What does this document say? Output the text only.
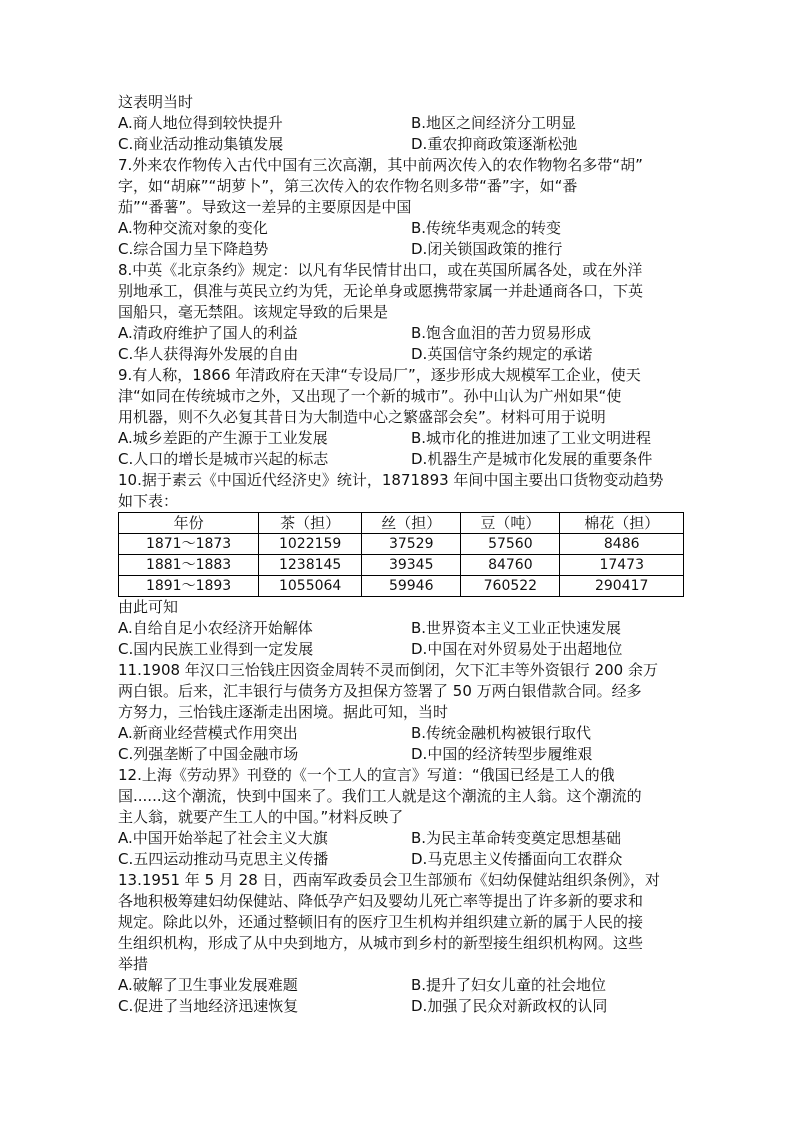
这表明当时
A.商人地位得到较快提升	B.地区之间经济分工明显
C.商业活动推动集镇发展	D.重农抑商政策逐渐松弛
7.外来农作物传入古代中国有三次高潮，其中前两次传入的农作物物名多带“胡”
字，如“胡麻”“胡萝卜”，第三次传入的农作物名则多带“番”字，如“番
茄”“番薯”。导致这一差异的主要原因是中国
A.物种交流对象的变化	B.传统华夷观念的转变
C.综合国力呈下降趋势	D.闭关锁国政策的推行
8.中英《北京条约》规定：以凡有华民情甘出口，或在英国所属各处，或在外洋
别地承工，俱准与英民立约为凭，无论单身或愿携带家属一并赴通商各口，下英
国船只，毫无禁阻。该规定导致的后果是
A.清政府维护了国人的利益	B.饱含血泪的苦力贸易形成
C.华人获得海外发展的自由	D.英国信守条约规定的承诺
9.有人称，1866 年清政府在天津“专设局厂”，逐步形成大规模军工企业，使天
津“如同在传统城市之外，又出现了一个新的城市”。孙中山认为广州如果“使
用机器，则不久必复其昔日为大制造中心之繁盛部会矣”。材料可用于说明
A.城乡差距的产生源于工业发展	B.城市化的推进加速了工业文明进程
C.人口的增长是城市兴起的标志	D.机器生产是城市化发展的重要条件
10.据于素云《中国近代经济史》统计，1871893 年间中国主要出口货物变动趋势
如下表：
年份	茶（担）	丝（担）	豆（吨）	棉花（担）
1871～1873	1022159	37529	57560	8486
1881～1883	1238145	39345	84760	17473
1891～1893	1055064	59946	760522	290417
由此可知
A.自给自足小农经济开始解体	B.世界资本主义工业正快速发展
C.国内民族工业得到一定发展	D.中国在对外贸易处于出超地位
11.1908 年汉口三怡钱庄因资金周转不灵而倒闭，欠下汇丰等外资银行 200 余万
两白银。后来，汇丰银行与债务方及担保方签署了 50 万两白银借款合同。经多
方努力，三怡钱庄逐渐走出困境。据此可知，当时
A.新商业经营模式作用突出	B.传统金融机构被银行取代
C.列强垄断了中国金融市场	D.中国的经济转型步履维艰
12.上海《劳动界》刊登的《一个工人的宣言》写道：“俄国已经是工人的俄
国......这个潮流，快到中国来了。我们工人就是这个潮流的主人翁。这个潮流的
主人翁，就要产生工人的中国。”材料反映了
A.中国开始举起了社会主义大旗	B.为民主革命转变奠定思想基础
C.五四运动推动马克思主义传播	D.马克思主义传播面向工农群众
13.1951 年 5 月 28 日，西南军政委员会卫生部颁布《妇幼保健站组织条例》，对
各地积极筹建妇幼保健站、降低孕产妇及婴幼儿死亡率等提出了许多新的要求和
规定。除此以外，还通过整顿旧有的医疗卫生机构并组织建立新的属于人民的接
生组织机构，形成了从中央到地方，从城市到乡村的新型接生组织机构网。这些
举措
A.破解了卫生事业发展难题	B.提升了妇女儿童的社会地位
C.促进了当地经济迅速恢复	D.加强了民众对新政权的认同
